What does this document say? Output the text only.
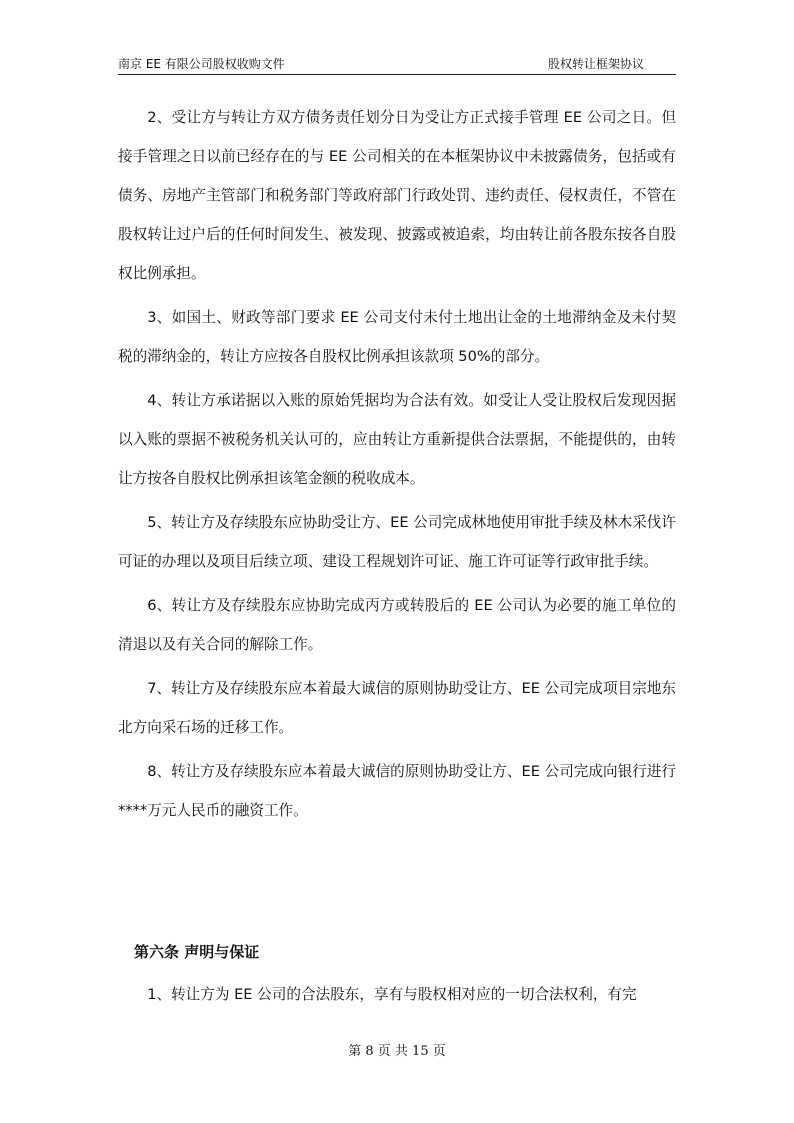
南京 EE 有限公司股权收购文件	股权转让框架协议

2、受让方与转让方双方债务责任划分日为受让方正式接手管理 EE 公司之日。但接手管理之日以前已经存在的与 EE 公司相关的在本框架协议中未披露债务，包括或有债务、房地产主管部门和税务部门等政府部门行政处罚、违约责任、侵权责任，不管在股权转让过户后的任何时间发生、被发现、披露或被追索，均由转让前各股东按各自股权比例承担。

3、如国土、财政等部门要求 EE 公司支付未付土地出让金的土地滞纳金及未付契税的滞纳金的，转让方应按各自股权比例承担该款项 50%的部分。

4、转让方承诺据以入账的原始凭据均为合法有效。如受让人受让股权后发现因据以入账的票据不被税务机关认可的，应由转让方重新提供合法票据，不能提供的，由转让方按各自股权比例承担该笔金额的税收成本。

5、转让方及存续股东应协助受让方、EE 公司完成林地使用审批手续及林木采伐许可证的办理以及项目后续立项、建设工程规划许可证、施工许可证等行政审批手续。

6、转让方及存续股东应协助完成丙方或转股后的 EE 公司认为必要的施工单位的清退以及有关合同的解除工作。

7、转让方及存续股东应本着最大诚信的原则协助受让方、EE 公司完成项目宗地东北方向采石场的迁移工作。

8、转让方及存续股东应本着最大诚信的原则协助受让方、EE 公司完成向银行进行****万元人民币的融资工作。

第六条 声明与保证

1、转让方为 EE 公司的合法股东，享有与股权相对应的一切合法权利，有完

第 8 页 共 15 页
